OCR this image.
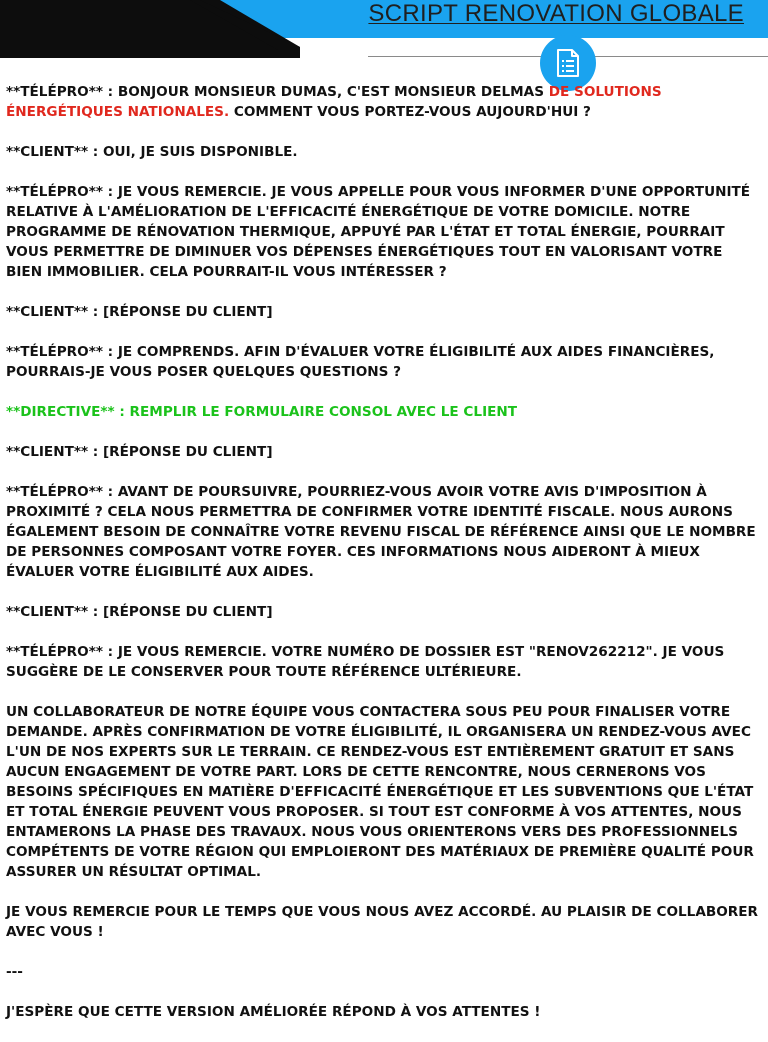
SCRIPT RENOVATION GLOBALE

**TÉLÉPRO** : BONJOUR MONSIEUR DUMAS, C'EST MONSIEUR DELMAS DE SOLUTIONS ÉNERGÉTIQUES NATIONALES. COMMENT VOUS PORTEZ-VOUS AUJOURD'HUI ?

**CLIENT** : OUI, JE SUIS DISPONIBLE.

**TÉLÉPRO** : JE VOUS REMERCIE. JE VOUS APPELLE POUR VOUS INFORMER D'UNE OPPORTUNITÉ RELATIVE À L'AMÉLIORATION DE L'EFFICACITÉ ÉNERGÉTIQUE DE VOTRE DOMICILE. NOTRE PROGRAMME DE RÉNOVATION THERMIQUE, APPUYÉ PAR L'ÉTAT ET TOTAL ÉNERGIE, POURRAIT VOUS PERMETTRE DE DIMINUER VOS DÉPENSES ÉNERGÉTIQUES TOUT EN VALORISANT VOTRE BIEN IMMOBILIER. CELA POURRAIT-IL VOUS INTÉRESSER ?

**CLIENT** : [RÉPONSE DU CLIENT]

**TÉLÉPRO** : JE COMPRENDS. AFIN D'ÉVALUER VOTRE ÉLIGIBILITÉ AUX AIDES FINANCIÈRES, POURRAIS-JE VOUS POSER QUELQUES QUESTIONS ?

**DIRECTIVE** : REMPLIR LE FORMULAIRE CONSOL AVEC LE CLIENT

**CLIENT** : [RÉPONSE DU CLIENT]

**TÉLÉPRO** : AVANT DE POURSUIVRE, POURRIEZ-VOUS AVOIR VOTRE AVIS D'IMPOSITION À PROXIMITÉ ? CELA NOUS PERMETTRA DE CONFIRMER VOTRE IDENTITÉ FISCALE. NOUS AURONS ÉGALEMENT BESOIN DE CONNAÎTRE VOTRE REVENU FISCAL DE RÉFÉRENCE AINSI QUE LE NOMBRE DE PERSONNES COMPOSANT VOTRE FOYER. CES INFORMATIONS NOUS AIDERONT À MIEUX ÉVALUER VOTRE ÉLIGIBILITÉ AUX AIDES.

**CLIENT** : [RÉPONSE DU CLIENT]

**TÉLÉPRO** : JE VOUS REMERCIE. VOTRE NUMÉRO DE DOSSIER EST "RENOV262212". JE VOUS SUGGÈRE DE LE CONSERVER POUR TOUTE RÉFÉRENCE ULTÉRIEURE.

UN COLLABORATEUR DE NOTRE ÉQUIPE VOUS CONTACTERA SOUS PEU POUR FINALISER VOTRE DEMANDE. APRÈS CONFIRMATION DE VOTRE ÉLIGIBILITÉ, IL ORGANISERA UN RENDEZ-VOUS AVEC L'UN DE NOS EXPERTS SUR LE TERRAIN. CE RENDEZ-VOUS EST ENTIÈREMENT GRATUIT ET SANS AUCUN ENGAGEMENT DE VOTRE PART. LORS DE CETTE RENCONTRE, NOUS CERNERONS VOS BESOINS SPÉCIFIQUES EN MATIÈRE D'EFFICACITÉ ÉNERGÉTIQUE ET LES SUBVENTIONS QUE L'ÉTAT ET TOTAL ÉNERGIE PEUVENT VOUS PROPOSER. SI TOUT EST CONFORME À VOS ATTENTES, NOUS ENTAMERONS LA PHASE DES TRAVAUX. NOUS VOUS ORIENTERONS VERS DES PROFESSIONNELS COMPÉTENTS DE VOTRE RÉGION QUI EMPLOIERONT DES MATÉRIAUX DE PREMIÈRE QUALITÉ POUR ASSURER UN RÉSULTAT OPTIMAL.

JE VOUS REMERCIE POUR LE TEMPS QUE VOUS NOUS AVEZ ACCORDÉ. AU PLAISIR DE COLLABORER AVEC VOUS !

---

J'ESPÈRE QUE CETTE VERSION AMÉLIORÉE RÉPOND À VOS ATTENTES !
